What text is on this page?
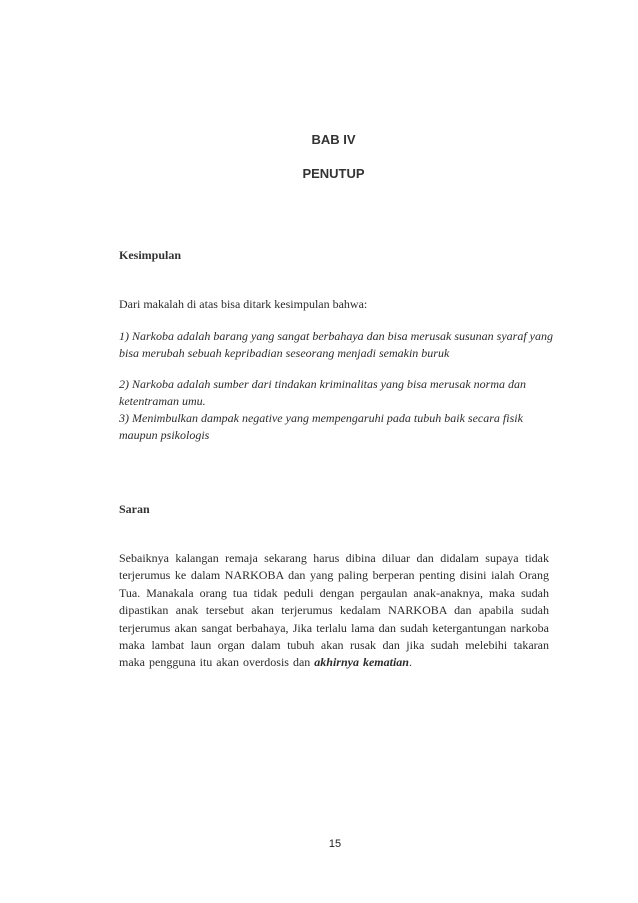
BAB IV
PENUTUP
Kesimpulan

Dari makalah di atas bisa ditark kesimpulan bahwa:

1) Narkoba adalah barang yang sangat berbahaya dan bisa merusak susunan syaraf yang bisa merubah sebuah kepribadian seseorang menjadi semakin buruk

2) Narkoba adalah sumber dari tindakan kriminalitas yang bisa merusak norma dan ketentraman umu.

3) Menimbulkan dampak negative yang mempengaruhi pada tubuh baik secara fisik maupun psikologis

Saran

Sebaiknya kalangan remaja sekarang harus dibina diluar dan didalam supaya tidak terjerumus ke dalam NARKOBA dan yang paling berperan penting disini ialah Orang Tua. Manakala orang tua tidak peduli dengan pergaulan anak-anaknya, maka sudah dipastikan anak tersebut akan terjerumus kedalam NARKOBA dan apabila sudah terjerumus akan sangat berbahaya, Jika terlalu lama dan sudah ketergantungan narkoba maka lambat laun organ dalam tubuh akan rusak dan jika sudah melebihi takaran maka pengguna itu akan overdosis dan akhirnya kematian.

15
